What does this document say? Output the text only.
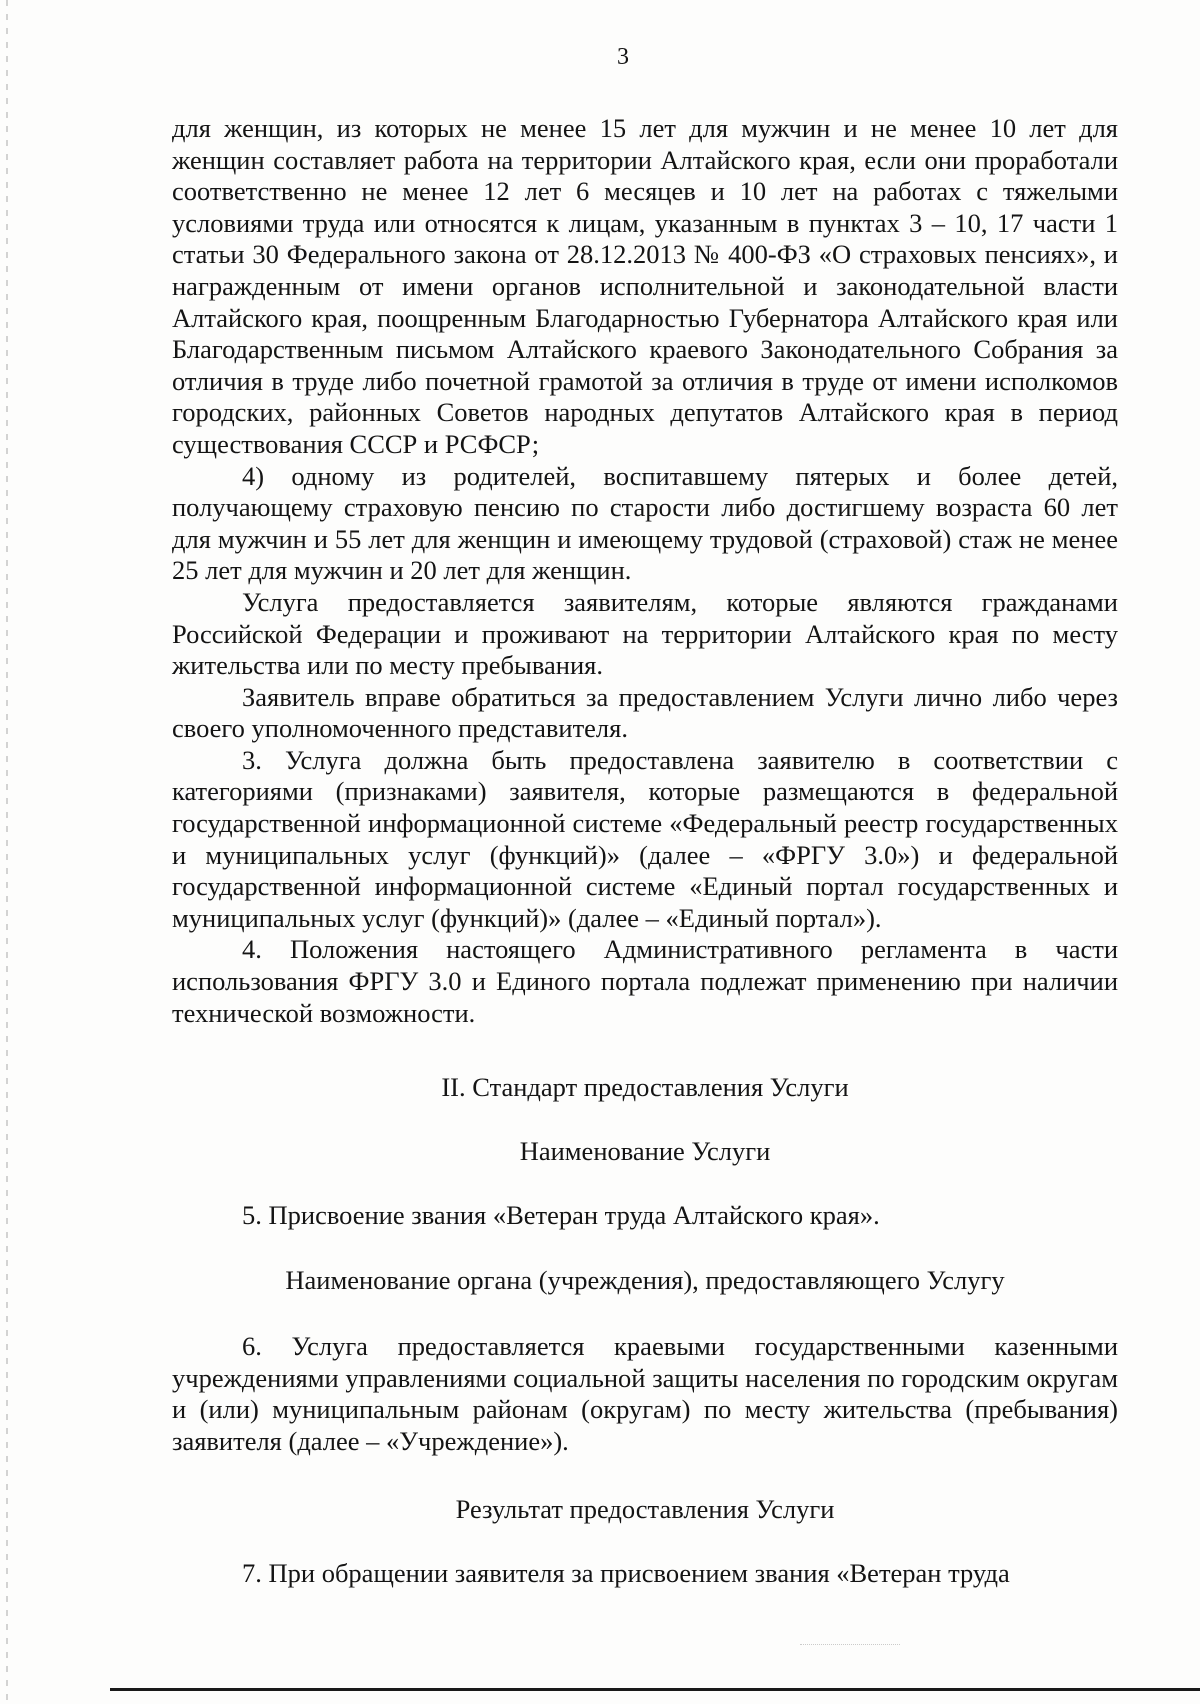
3

для женщин, из которых не менее 15 лет для мужчин и не менее 10 лет для женщин составляет работа на территории Алтайского края, если они проработали соответственно не менее 12 лет 6 месяцев и 10 лет на работах с тяжелыми условиями труда или относятся к лицам, указанным в пунктах 3 – 10, 17 части 1 статьи 30 Федерального закона от 28.12.2013 № 400-ФЗ «О страховых пенсиях», и награжденным от имени органов исполнительной и законодательной власти Алтайского края, поощренным Благодарностью Губернатора Алтайского края или Благодарственным письмом Алтайского краевого Законодательного Собрания за отличия в труде либо почетной грамотой за отличия в труде от имени исполкомов городских, районных Советов народных депутатов Алтайского края в период существования СССР и РСФСР;

4) одному из родителей, воспитавшему пятерых и более детей, получающему страховую пенсию по старости либо достигшему возраста 60 лет для мужчин и 55 лет для женщин и имеющему трудовой (страховой) стаж не менее 25 лет для мужчин и 20 лет для женщин.

Услуга предоставляется заявителям, которые являются гражданами Российской Федерации и проживают на территории Алтайского края по месту жительства или по месту пребывания.

Заявитель вправе обратиться за предоставлением Услуги лично либо через своего уполномоченного представителя.

3. Услуга должна быть предоставлена заявителю в соответствии с категориями (признаками) заявителя, которые размещаются в федеральной государственной информационной системе «Федеральный реестр государственных и муниципальных услуг (функций)» (далее – «ФРГУ 3.0») и федеральной государственной информационной системе «Единый портал государственных и муниципальных услуг (функций)» (далее – «Единый портал»).

4. Положения настоящего Административного регламента в части использования ФРГУ 3.0 и Единого портала подлежат применению при наличии технической возможности.

II. Стандарт предоставления Услуги
Наименование Услуги

5. Присвоение звания «Ветеран труда Алтайского края».

Наименование органа (учреждения), предоставляющего Услугу

6. Услуга предоставляется краевыми государственными казенными учреждениями управлениями социальной защиты населения по городским округам и (или) муниципальным районам (округам) по месту жительства (пребывания) заявителя (далее – «Учреждение»).

Результат предоставления Услуги

7. При обращении заявителя за присвоением звания «Ветеран труда
